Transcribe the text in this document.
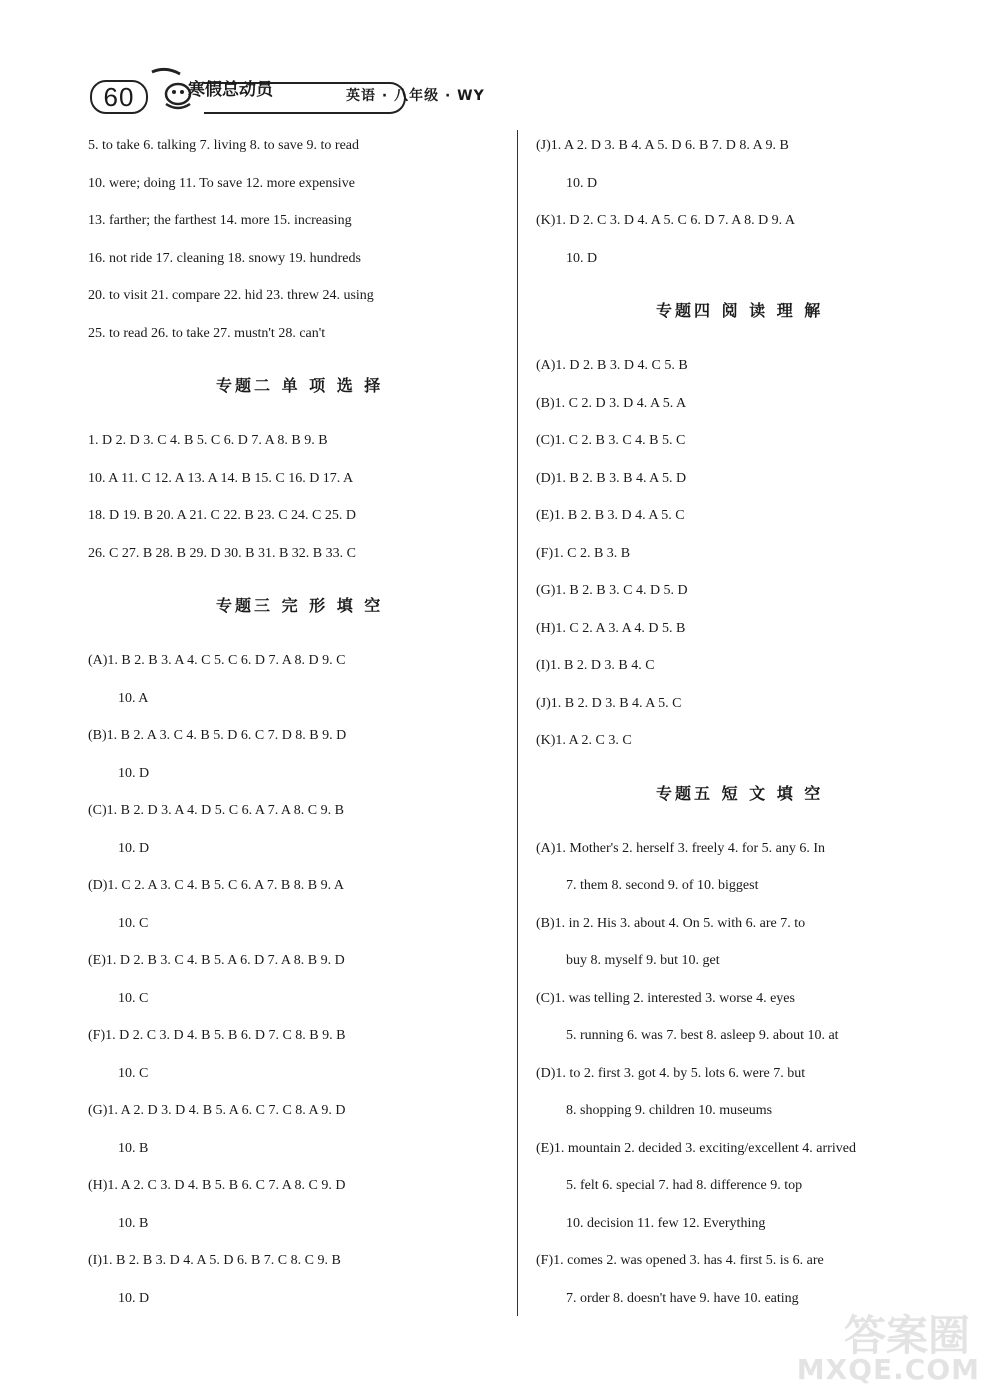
60	寒假总动员	英语 · 八年级 · WY
5. to take 6. talking 7. living 8. to save 9. to read
10. were; doing 11. To save 12. more expensive
13. farther; the farthest 14. more 15. increasing
16. not ride 17. cleaning 18. snowy 19. hundreds
20. to visit 21. compare 22. hid 23. threw 24. using
25. to read 26. to take 27. mustn't 28. can't
专题二 单 项 选 择
1. D 2. D 3. C 4. B 5. C 6. D 7. A 8. B 9. B
10. A 11. C 12. A 13. A 14. B 15. C 16. D 17. A
18. D 19. B 20. A 21. C 22. B 23. C 24. C 25. D
26. C 27. B 28. B 29. D 30. B 31. B 32. B 33. C
专题三 完 形 填 空
(A)1. B 2. B 3. A 4. C 5. C 6. D 7. A 8. D 9. C
10. A
(B)1. B 2. A 3. C 4. B 5. D 6. C 7. D 8. B 9. D
10. D
(C)1. B 2. D 3. A 4. D 5. C 6. A 7. A 8. C 9. B
10. D
(D)1. C 2. A 3. C 4. B 5. C 6. A 7. B 8. B 9. A
10. C
(E)1. D 2. B 3. C 4. B 5. A 6. D 7. A 8. B 9. D
10. C
(F)1. D 2. C 3. D 4. B 5. B 6. D 7. C 8. B 9. B
10. C
(G)1. A 2. D 3. D 4. B 5. A 6. C 7. C 8. A 9. D
10. B
(H)1. A 2. C 3. D 4. B 5. B 6. C 7. A 8. C 9. D
10. B
(I)1. B 2. B 3. D 4. A 5. D 6. B 7. C 8. C 9. B
10. D
(J)1. A 2. D 3. B 4. A 5. D 6. B 7. D 8. A 9. B
10. D
(K)1. D 2. C 3. D 4. A 5. C 6. D 7. A 8. D 9. A
10. D
专题四 阅 读 理 解
(A)1. D 2. B 3. D 4. C 5. B
(B)1. C 2. D 3. D 4. A 5. A
(C)1. C 2. B 3. C 4. B 5. C
(D)1. B 2. B 3. B 4. A 5. D
(E)1. B 2. B 3. D 4. A 5. C
(F)1. C 2. B 3. B
(G)1. B 2. B 3. C 4. D 5. D
(H)1. C 2. A 3. A 4. D 5. B
(I)1. B 2. D 3. B 4. C
(J)1. B 2. D 3. B 4. A 5. C
(K)1. A 2. C 3. C
专题五 短 文 填 空
(A)1. Mother's 2. herself 3. freely 4. for 5. any 6. In
7. them 8. second 9. of 10. biggest
(B)1. in 2. His 3. about 4. On 5. with 6. are 7. to
buy 8. myself 9. but 10. get
(C)1. was telling 2. interested 3. worse 4. eyes
5. running 6. was 7. best 8. asleep 9. about 10. at
(D)1. to 2. first 3. got 4. by 5. lots 6. were 7. but
8. shopping 9. children 10. museums
(E)1. mountain 2. decided 3. exciting/excellent 4. arrived
5. felt 6. special 7. had 8. difference 9. top
10. decision 11. few 12. Everything
(F)1. comes 2. was opened 3. has 4. first 5. is 6. are
7. order 8. doesn't have 9. have 10. eating
答案圈
MXQE.COM
